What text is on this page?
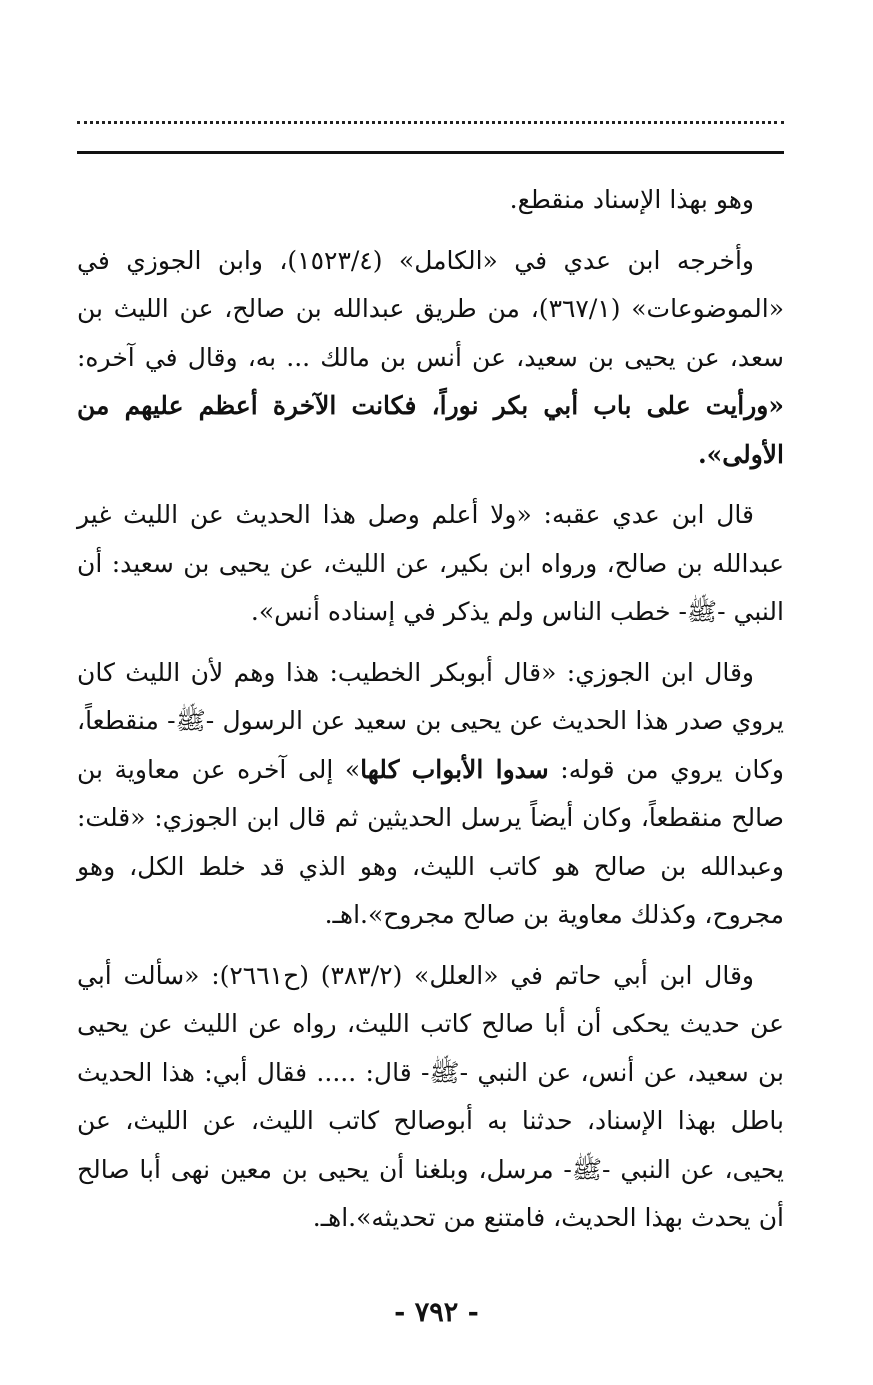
وهو بهذا الإسناد منقطع.

وأخرجه ابن عدي في «الكامل» (١٥٢٣/٤)، وابن الجوزي في «الموضوعات» (٣٦٧/١)، من طريق عبدالله بن صالح، عن الليث بن سعد، عن يحيى بن سعيد، عن أنس بن مالك ... به، وقال في آخره: «ورأيت على باب أبي بكر نوراً، فكانت الآخرة أعظم عليهم من الأولى».

قال ابن عدي عقبه: «ولا أعلم وصل هذا الحديث عن الليث غير عبدالله بن صالح، ورواه ابن بكير، عن الليث، عن يحيى بن سعيد: أن النبي -ﷺ- خطب الناس ولم يذكر في إسناده أنس».

وقال ابن الجوزي: «قال أبوبكر الخطيب: هذا وهم لأن الليث كان يروي صدر هذا الحديث عن يحيى بن سعيد عن الرسول -ﷺ- منقطعاً، وكان يروي من قوله: سدوا الأبواب كلها» إلى آخره عن معاوية بن صالح منقطعاً، وكان أيضاً يرسل الحديثين ثم قال ابن الجوزي: «قلت: وعبدالله بن صالح هو كاتب الليث، وهو الذي قد خلط الكل، وهو مجروح، وكذلك معاوية بن صالح مجروح».اهـ.

وقال ابن أبي حاتم في «العلل» (٣٨٣/٢) (ح٢٦٦١): «سألت أبي عن حديث يحكى أن أبا صالح كاتب الليث، رواه عن الليث عن يحيى بن سعيد، عن أنس، عن النبي -ﷺ- قال: ..... فقال أبي: هذا الحديث باطل بهذا الإسناد، حدثنا به أبوصالح كاتب الليث، عن الليث، عن يحيى، عن النبي -ﷺ- مرسل، وبلغنا أن يحيى بن معين نهى أبا صالح أن يحدث بهذا الحديث، فامتنع من تحديثه».اهـ.

- ٧٩٢ -
